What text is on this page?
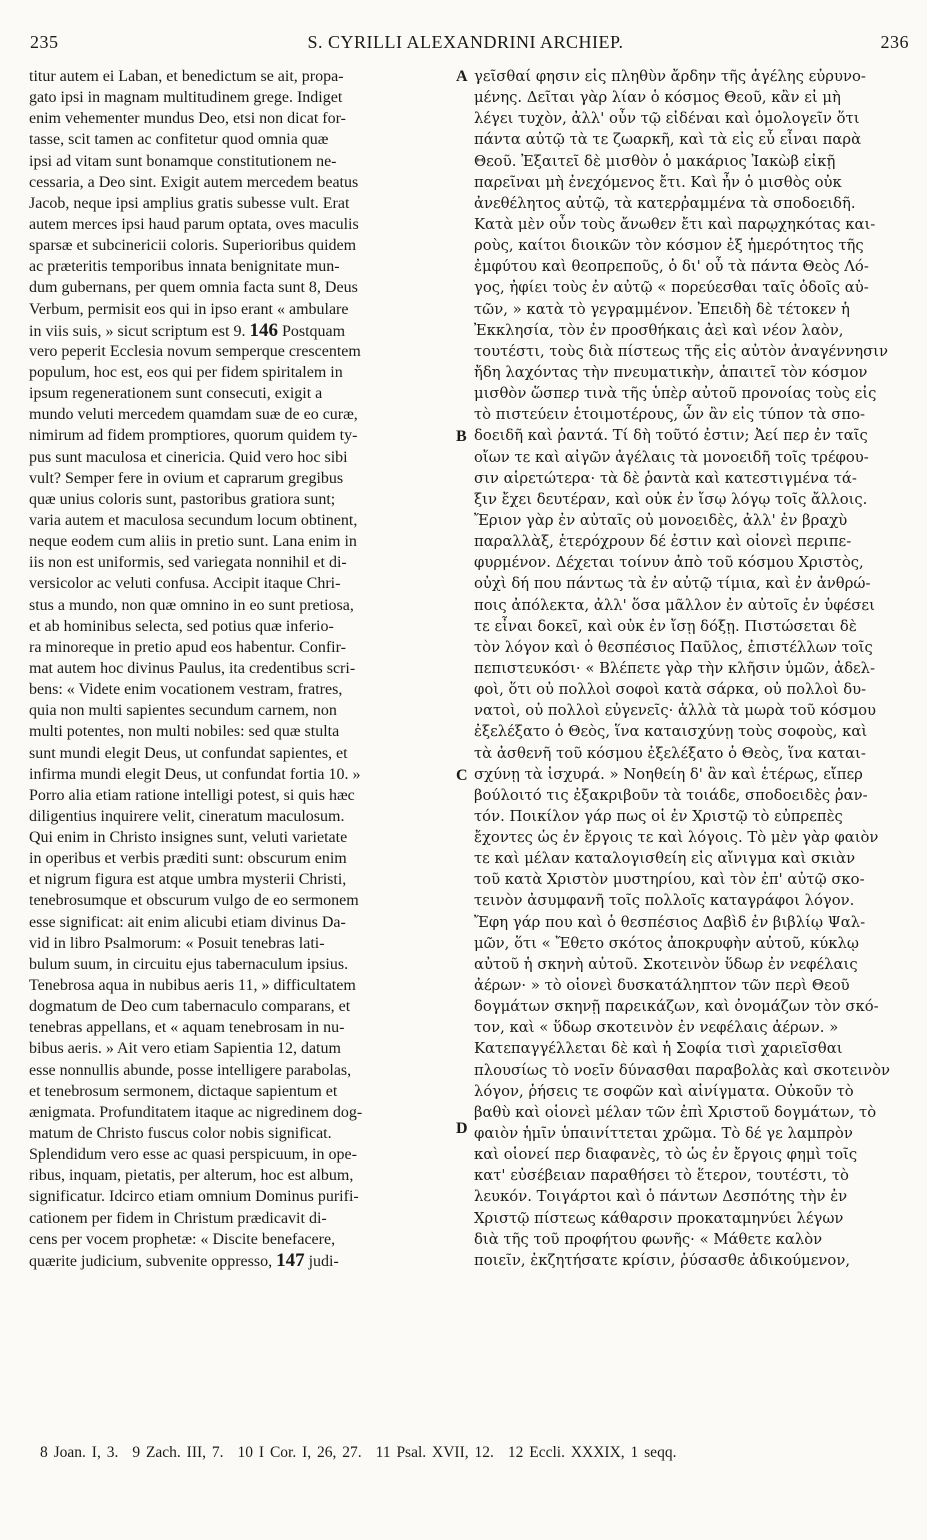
235	S. CYRILLI ALEXANDRINI ARCHIEP.	236
titur autem ei Laban, et benedictum se ait, propa-
gato ipsi in magnam multitudinem grege. Indiget
enim vehementer mundus Deo, etsi non dicat for-
tasse, scit tamen ac confitetur quod omnia quæ
ipsi ad vitam sunt bonamque constitutionem ne-
cessaria, a Deo sint. Exigit autem mercedem beatus
Jacob, neque ipsi amplius gratis subesse vult. Erat
autem merces ipsi haud parum optata, oves maculis
sparsæ et subcinericii coloris. Superioribus quidem
ac præteritis temporibus innata benignitate mun-
dum gubernans, per quem omnia facta sunt 8, Deus
Verbum, permisit eos qui in ipso erant « ambulare
in viis suis, » sicut scriptum est 9. 146 Postquam
vero peperit Ecclesia novum semperque crescentem
populum, hoc est, eos qui per fidem spiritalem in
ipsum regenerationem sunt consecuti, exigit a
mundo veluti mercedem quamdam suæ de eo curæ,
nimirum ad fidem promptiores, quorum quidem ty-
pus sunt maculosa et cinericia. Quid vero hoc sibi
vult? Semper fere in ovium et caprarum gregibus
quæ unius coloris sunt, pastoribus gratiora sunt;
varia autem et maculosa secundum locum obtinent,
neque eodem cum aliis in pretio sunt. Lana enim in
iis non est uniformis, sed variegata nonnihil et di-
versicolor ac veluti confusa. Accipit itaque Chri-
stus a mundo, non quæ omnino in eo sunt pretiosa,
et ab hominibus selecta, sed potius quæ inferio-
ra minoreque in pretio apud eos habentur. Confir-
mat autem hoc divinus Paulus, ita credentibus scri-
bens: « Videte enim vocationem vestram, fratres,
quia non multi sapientes secundum carnem, non
multi potentes, non multi nobiles: sed quæ stulta
sunt mundi elegit Deus, ut confundat sapientes, et
infirma mundi elegit Deus, ut confundat fortia 10. »
Porro alia etiam ratione intelligi potest, si quis hæc
diligentius inquirere velit, cineratum maculosum.
Qui enim in Christo insignes sunt, veluti varietate
in operibus et verbis præditi sunt: obscurum enim
et nigrum figura est atque umbra mysterii Christi,
tenebrosumque et obscurum vulgo de eo sermonem
esse significat: ait enim alicubi etiam divinus Da-
vid in libro Psalmorum: « Posuit tenebras lati-
bulum suum, in circuitu ejus tabernaculum ipsius.
Tenebrosa aqua in nubibus aeris 11, » difficultatem
dogmatum de Deo cum tabernaculo comparans, et
tenebras appellans, et « aquam tenebrosam in nu-
bibus aeris. » Ait vero etiam Sapientia 12, datum
esse nonnullis abunde, posse intelligere parabolas,
et tenebrosum sermonem, dictaque sapientum et
ænigmata. Profunditatem itaque ac nigredinem dog-
matum de Christo fuscus color nobis significat.
Splendidum vero esse ac quasi perspicuum, in ope-
ribus, inquam, pietatis, per alterum, hoc est album,
significatur. Idcirco etiam omnium Dominus purifi-
cationem per fidem in Christum prædicavit di-
cens per vocem prophetæ: « Discite benefacere,
quærite judicium, subvenite oppresso, 147 judi-
γεῖσθαί φησιν εἰς πληθὺν ἄρδην τῆς ἀγέλης εὐρυνο-
μένης. Δεῖται γὰρ λίαν ὁ κόσμος Θεοῦ, κἂν εἰ μὴ
λέγει τυχὸν, ἀλλ' οὖν τῷ εἰδέναι καὶ ὁμολογεῖν ὅτι
πάντα αὐτῷ τὰ τε ζωαρκῆ, καὶ τὰ εἰς εὖ εἶναι παρὰ
Θεοῦ. Ἐξαιτεῖ δὲ μισθὸν ὁ μακάριος Ἰακὼβ εἰκῇ
παρεῖναι μὴ ἐνεχόμενος ἔτι. Καὶ ἦν ὁ μισθὸς οὐκ
ἀνεθέλητος αὐτῷ, τὰ κατερῤαμμένα τὰ σποδοειδῆ.
Κατὰ μὲν οὖν τοὺς ἄνωθεν ἔτι καὶ παρῳχηκότας και-
ροὺς, καίτοι διοικῶν τὸν κόσμον ἐξ ἡμερότητος τῆς
ἐμφύτου καὶ θεοπρεποῦς, ὁ δι' οὗ τὰ πάντα Θεὸς Λό-
γος, ἠφίει τοὺς ἐν αὐτῷ « πορεύεσθαι ταῖς ὁδοῖς αὐ-
τῶν, » κατὰ τὸ γεγραμμένον. Ἐπειδὴ δὲ τέτοκεν ἡ
Ἐκκλησία, τὸν ἐν προσθήκαις ἀεὶ καὶ νέον λαὸν,
τουτέστι, τοὺς διὰ πίστεως τῆς εἰς αὐτὸν ἀναγέννησιν
ἤδη λαχόντας τὴν πνευματικὴν, ἀπαιτεῖ τὸν κόσμον
μισθὸν ὥσπερ τινὰ τῆς ὑπὲρ αὐτοῦ προνοίας τοὺς εἰς
τὸ πιστεύειν ἑτοιμοτέρους, ὧν ἂν εἰς τύπον τὰ σπο-
δοειδῆ καὶ ῥαντά. Τί δὴ τοῦτό ἐστιν; Ἀεί περ ἐν ταῖς
οἴων τε καὶ αἰγῶν ἀγέλαις τὰ μονοειδῆ τοῖς τρέφου-
σιν αἱρετώτερα· τὰ δὲ ῥαντὰ καὶ κατεστιγμένα τά-
ξιν ἔχει δευτέραν, καὶ οὐκ ἐν ἴσῳ λόγῳ τοῖς ἄλλοις.
Ἔριον γὰρ ἐν αὐταῖς οὐ μονοειδὲς, ἀλλ' ἐν βραχὺ
παραλλὰξ, ἑτερόχρουν δέ ἐστιν καὶ οἱονεὶ περιπε-
φυρμένον. Δέχεται τοίνυν ἀπὸ τοῦ κόσμου Χριστὸς,
οὐχὶ δή που πάντως τὰ ἐν αὐτῷ τίμια, καὶ ἐν ἀνθρώ-
ποις ἀπόλεκτα, ἀλλ' ὅσα μᾶλλον ἐν αὐτοῖς ἐν ὑφέσει
τε εἶναι δοκεῖ, καὶ οὐκ ἐν ἴσῃ δόξῃ. Πιστώσεται δὲ
τὸν λόγον καὶ ὁ θεσπέσιος Παῦλος, ἐπιστέλλων τοῖς
πεπιστευκόσι· « Βλέπετε γὰρ τὴν κλῆσιν ὑμῶν, ἀδελ-
φοὶ, ὅτι οὐ πολλοὶ σοφοὶ κατὰ σάρκα, οὐ πολλοὶ δυ-
νατοὶ, οὐ πολλοὶ εὐγενεῖς· ἀλλὰ τὰ μωρὰ τοῦ κόσμου
ἐξελέξατο ὁ Θεὸς, ἵνα καταισχύνῃ τοὺς σοφοὺς, καὶ
τὰ ἀσθενῆ τοῦ κόσμου ἐξελέξατο ὁ Θεὸς, ἵνα καται-
σχύνῃ τὰ ἰσχυρά. » Νοηθείη δ' ἂν καὶ ἑτέρως, εἴπερ
βούλοιτό τις ἐξακριβοῦν τὰ τοιάδε, σποδοειδὲς ῥαν-
τόν. Ποικίλον γάρ πως οἱ ἐν Χριστῷ τὸ εὐπρεπὲς
ἔχοντες ὡς ἐν ἔργοις τε καὶ λόγοις. Τὸ μὲν γὰρ φαιὸν
τε καὶ μέλαν καταλογισθείη εἰς αἴνιγμα καὶ σκιὰν
τοῦ κατὰ Χριστὸν μυστηρίου, καὶ τὸν ἐπ' αὐτῷ σκο-
τεινὸν ἀσυμφανῆ τοῖς πολλοῖς καταγράφοι λόγον.
Ἔφη γάρ που καὶ ὁ θεσπέσιος Δαβὶδ ἐν βιβλίῳ Ψαλ-
μῶν, ὅτι « Ἔθετο σκότος ἀποκρυφὴν αὐτοῦ, κύκλῳ
αὐτοῦ ἡ σκηνὴ αὐτοῦ. Σκοτεινὸν ὕδωρ ἐν νεφέλαις
ἀέρων· » τὸ οἱονεὶ δυσκατάληπτον τῶν περὶ Θεοῦ
δογμάτων σκηνῇ παρεικάζων, καὶ ὀνομάζων τὸν σκό-
τον, καὶ « ὕδωρ σκοτεινὸν ἐν νεφέλαις ἀέρων. »
Κατεπαγγέλλεται δὲ καὶ ἡ Σοφία τισὶ χαριεῖσθαι
πλουσίως τὸ νοεῖν δύνασθαι παραβολὰς καὶ σκοτεινὸν
λόγον, ῥήσεις τε σοφῶν καὶ αἰνίγματα. Οὐκοῦν τὸ
βαθὺ καὶ οἱονεὶ μέλαν τῶν ἐπὶ Χριστοῦ δογμάτων, τὸ
φαιὸν ἡμῖν ὑπαινίττεται χρῶμα. Τὸ δέ γε λαμπρὸν
καὶ οἱονεί περ διαφανὲς, τὸ ὡς ἐν ἔργοις φημὶ τοῖς
κατ' εὐσέβειαν παραθήσει τὸ ἕτερον, τουτέστι, τὸ
λευκόν. Τοιγάρτοι καὶ ὁ πάντων Δεσπότης τὴν ἐν
Χριστῷ πίστεως κάθαρσιν προκαταμηνύει λέγων
διὰ τῆς τοῦ προφήτου φωνῆς· « Μάθετε καλὸν
ποιεῖν, ἐκζητήσατε κρίσιν, ῥύσασθε ἀδικούμενον,
A
B
C
D
8 Joan. I, 3. 9 Zach. III, 7. 10 I Cor. I, 26, 27. 11 Psal. XVII, 12. 12 Eccli. XXXIX, 1 seqq.
